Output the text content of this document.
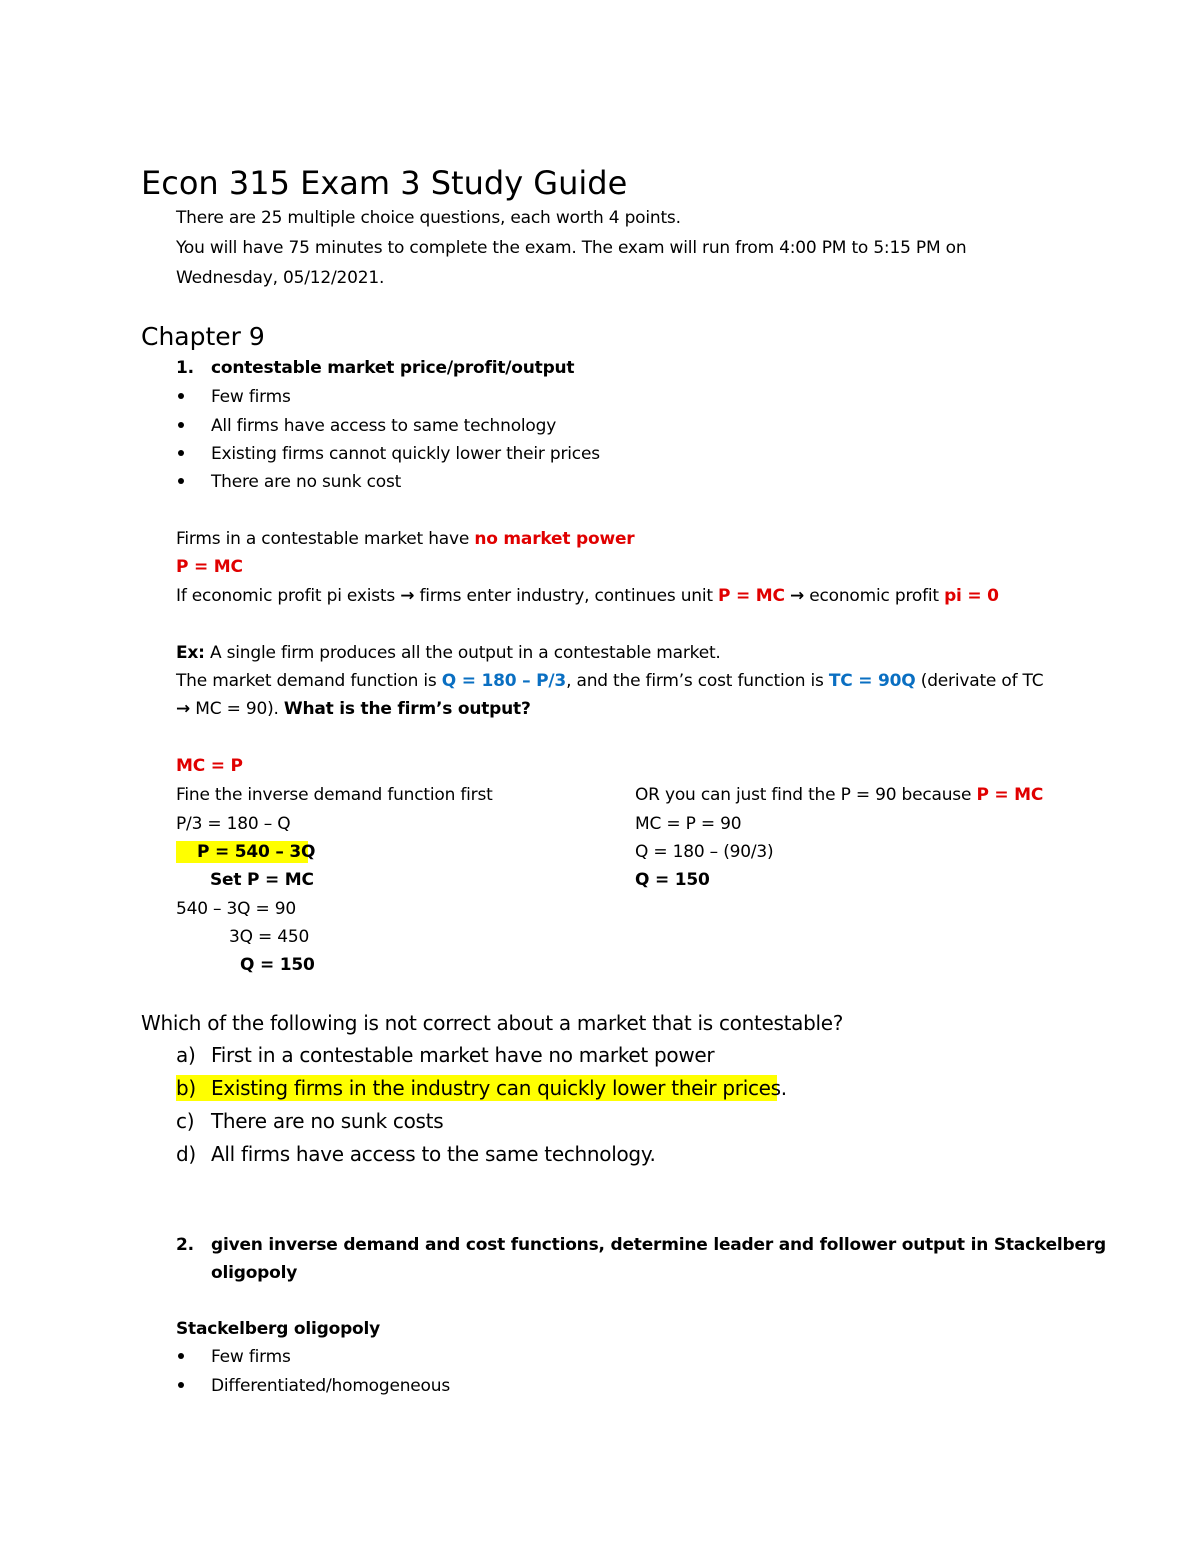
Econ 315 Exam 3 Study Guide
There are 25 multiple choice questions, each worth 4 points.
You will have 75 minutes to complete the exam. The exam will run from 4:00 PM to 5:15 PM on
Wednesday, 05/12/2021.
Chapter 9
1. contestable market price/profit/output
Few firms
All firms have access to same technology
Existing firms cannot quickly lower their prices
There are no sunk cost
Firms in a contestable market have no market power
P = MC
If economic profit pi exists → firms enter industry, continues unit P = MC → economic profit pi = 0
Ex: A single firm produces all the output in a contestable market.
The market demand function is Q = 180 – P/3, and the firm’s cost function is TC = 90Q (derivate of TC
→ MC = 90). What is the firm’s output?
MC = P
Fine the inverse demand function first
P/3 = 180 – Q
P = 540 – 3Q
Set P = MC
540 – 3Q = 90
3Q = 450
Q = 150
OR you can just find the P = 90 because P = MC
MC = P = 90
Q = 180 – (90/3)
Q = 150
Which of the following is not correct about a market that is contestable?
a) First in a contestable market have no market power
b) Existing firms in the industry can quickly lower their prices.
c) There are no sunk costs
d) All firms have access to the same technology.
2. given inverse demand and cost functions, determine leader and follower output in Stackelberg
oligopoly
Stackelberg oligopoly
Few firms
Differentiated/homogeneous
